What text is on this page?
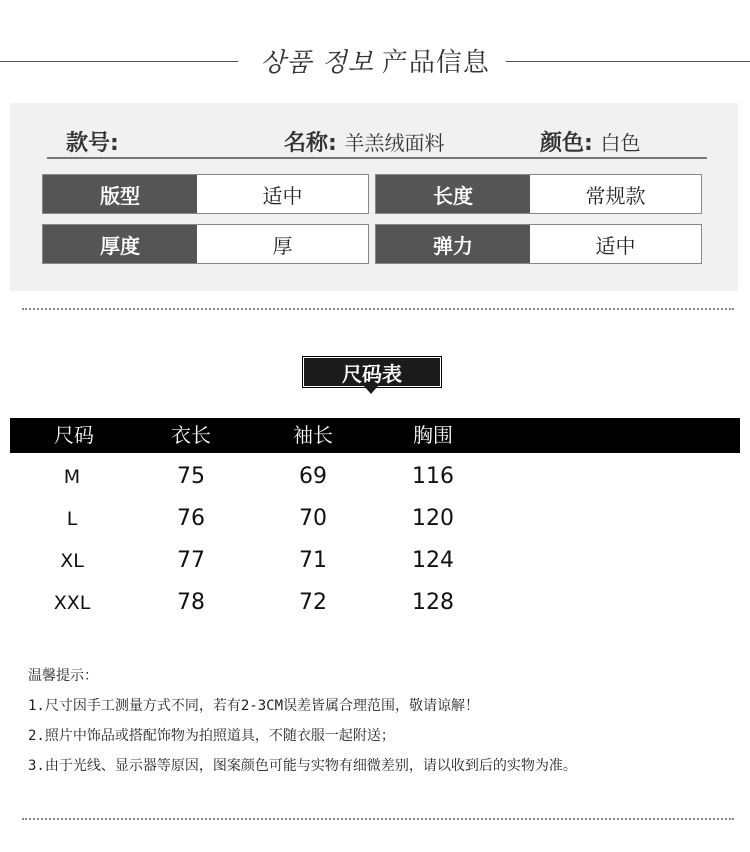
상품 정보 产品信息
款号:	名称: 羊羔绒面料	颜色: 白色
版型	适中	长度	常规款
厚度	厚	弹力	适中
尺码表
尺码	衣长	袖长	胸围
M	75	69	116
L	76	70	120
XL	77	71	124
XXL	78	72	128
温馨提示：
1.尺寸因手工测量方式不同，若有2-3CM误差皆属合理范围，敬请谅解！
2.照片中饰品或搭配饰物为拍照道具，不随衣服一起附送；
3.由于光线、显示器等原因，图案颜色可能与实物有细微差别，请以收到后的实物为准。
